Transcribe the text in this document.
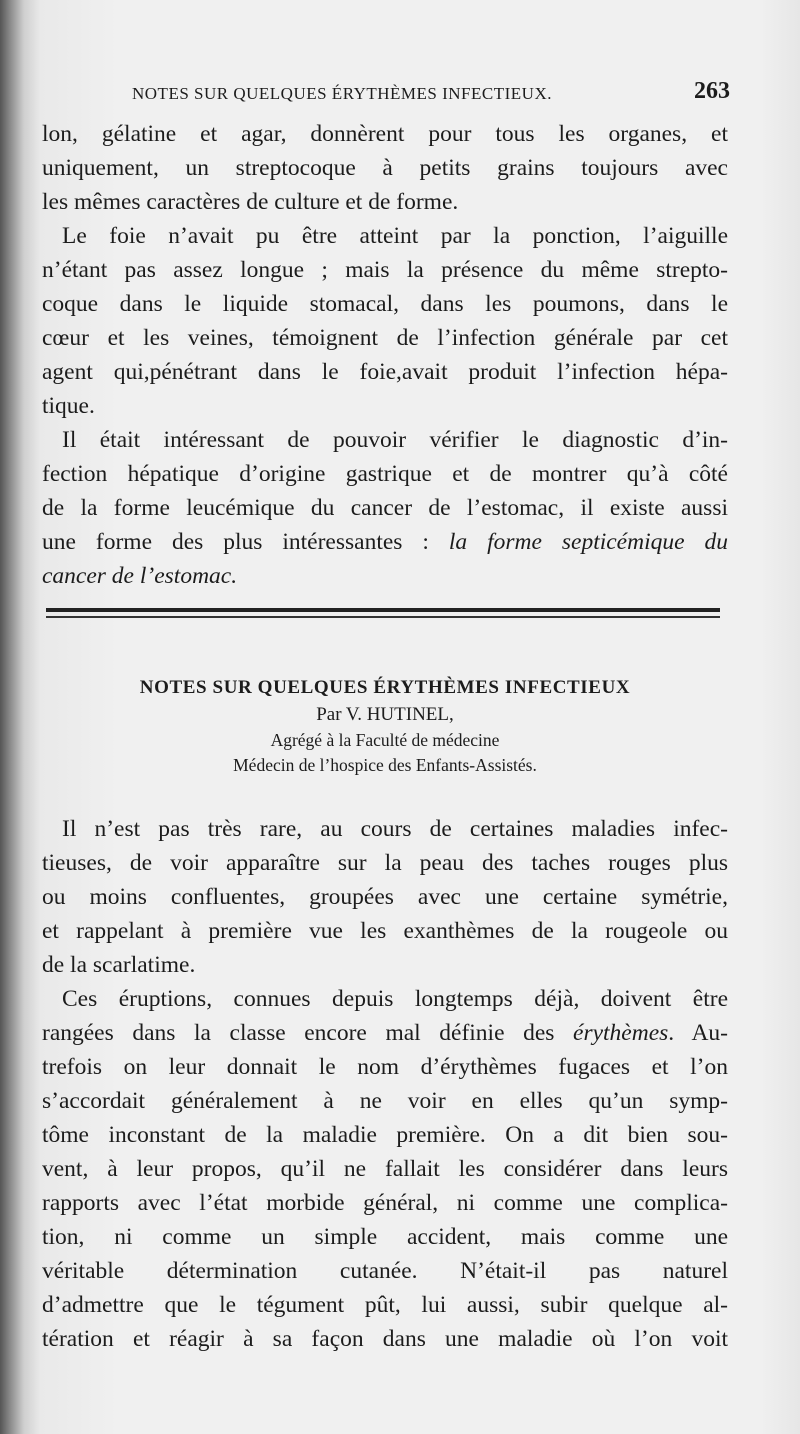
NOTES SUR QUELQUES ÉRYTHÈMES INFECTIEUX.	263
lon, gélatine et agar, donnèrent pour tous les organes, et
uniquement, un streptocoque à petits grains toujours avec
les mêmes caractères de culture et de forme.
Le foie n’avait pu être atteint par la ponction, l’aiguille
n’étant pas assez longue ; mais la présence du même strepto-
coque dans le liquide stomacal, dans les poumons, dans le
cœur et les veines, témoignent de l’infection générale par cet
agent qui,pénétrant dans le foie,avait produit l’infection hépa-
tique.
Il était intéressant de pouvoir vérifier le diagnostic d’in-
fection hépatique d’origine gastrique et de montrer qu’à côté
de la forme leucémique du cancer de l’estomac, il existe aussi
une forme des plus intéressantes : la forme septicémique du
cancer de l’estomac.
NOTES SUR QUELQUES ÉRYTHÈMES INFECTIEUX
Par V. HUTINEL,
Agrégé à la Faculté de médecine
Médecin de l’hospice des Enfants-Assistés.
Il n’est pas très rare, au cours de certaines maladies infec-
tieuses, de voir apparaître sur la peau des taches rouges plus
ou moins confluentes, groupées avec une certaine symétrie,
et rappelant à première vue les exanthèmes de la rougeole ou
de la scarlatime.
Ces éruptions, connues depuis longtemps déjà, doivent être
rangées dans la classe encore mal définie des érythèmes. Au-
trefois on leur donnait le nom d’érythèmes fugaces et l’on
s’accordait généralement à ne voir en elles qu’un symp-
tôme inconstant de la maladie première. On a dit bien sou-
vent, à leur propos, qu’il ne fallait les considérer dans leurs
rapports avec l’état morbide général, ni comme une complica-
tion, ni comme un simple accident, mais comme une
véritable détermination cutanée. N’était-il pas naturel
d’admettre que le tégument pût, lui aussi, subir quelque al-
tération et réagir à sa façon dans une maladie où l’on voit
